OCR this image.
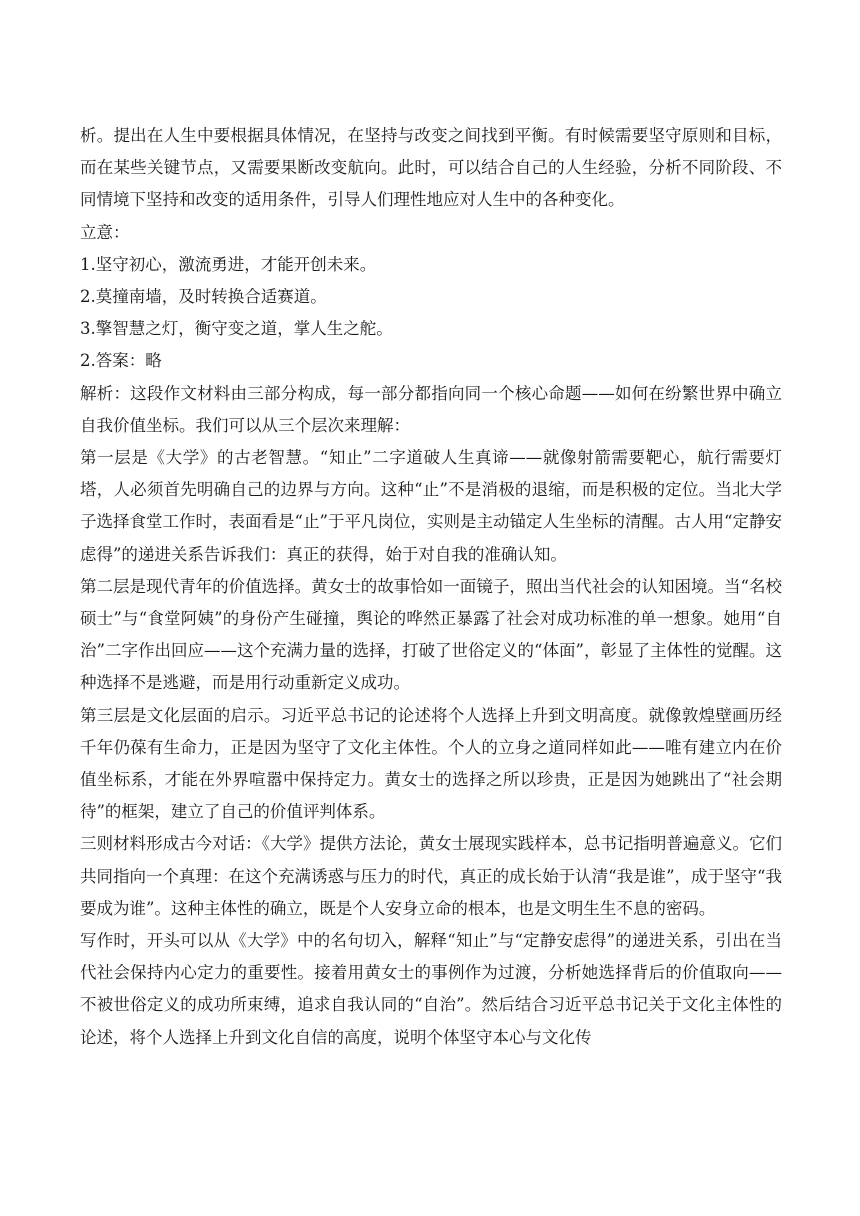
析。提出在人生中要根据具体情况，在坚持与改变之间找到平衡。有时候需要坚守原则和目标，而在某些关键节点，又需要果断改变航向。此时，可以结合自己的人生经验，分析不同阶段、不同情境下坚持和改变的适用条件，引导人们理性地应对人生中的各种变化。

立意：

1.坚守初心，激流勇进，才能开创未来。

2.莫撞南墙，及时转换合适赛道。

3.擎智慧之灯，衡守变之道，掌人生之舵。

2.答案：略

解析：这段作文材料由三部分构成，每一部分都指向同一个核心命题——如何在纷繁世界中确立自我价值坐标。我们可以从三个层次来理解：

第一层是《大学》的古老智慧。“知止”二字道破人生真谛——就像射箭需要靶心，航行需要灯塔，人必须首先明确自己的边界与方向。这种“止”不是消极的退缩，而是积极的定位。当北大学子选择食堂工作时，表面看是“止”于平凡岗位，实则是主动锚定人生坐标的清醒。古人用“定静安虑得”的递进关系告诉我们：真正的获得，始于对自我的准确认知。

第二层是现代青年的价值选择。黄女士的故事恰如一面镜子，照出当代社会的认知困境。当“名校硕士”与“食堂阿姨”的身份产生碰撞，舆论的哗然正暴露了社会对成功标准的单一想象。她用“自治”二字作出回应——这个充满力量的选择，打破了世俗定义的“体面”，彰显了主体性的觉醒。这种选择不是逃避，而是用行动重新定义成功。

第三层是文化层面的启示。习近平总书记的论述将个人选择上升到文明高度。就像敦煌壁画历经千年仍葆有生命力，正是因为坚守了文化主体性。个人的立身之道同样如此——唯有建立内在价值坐标系，才能在外界喧嚣中保持定力。黄女士的选择之所以珍贵，正是因为她跳出了“社会期待”的框架，建立了自己的价值评判体系。

三则材料形成古今对话：《大学》提供方法论，黄女士展现实践样本，总书记指明普遍意义。它们共同指向一个真理：在这个充满诱惑与压力的时代，真正的成长始于认清“我是谁”，成于坚守“我要成为谁”。这种主体性的确立，既是个人安身立命的根本，也是文明生生不息的密码。

写作时，开头可以从《大学》中的名句切入，解释“知止”与“定静安虑得”的递进关系，引出在当代社会保持内心定力的重要性。接着用黄女士的事例作为过渡，分析她选择背后的价值取向——不被世俗定义的成功所束缚，追求自我认同的“自治”。然后结合习近平总书记关于文化主体性的论述，将个人选择上升到文化自信的高度，说明个体坚守本心与文化传
